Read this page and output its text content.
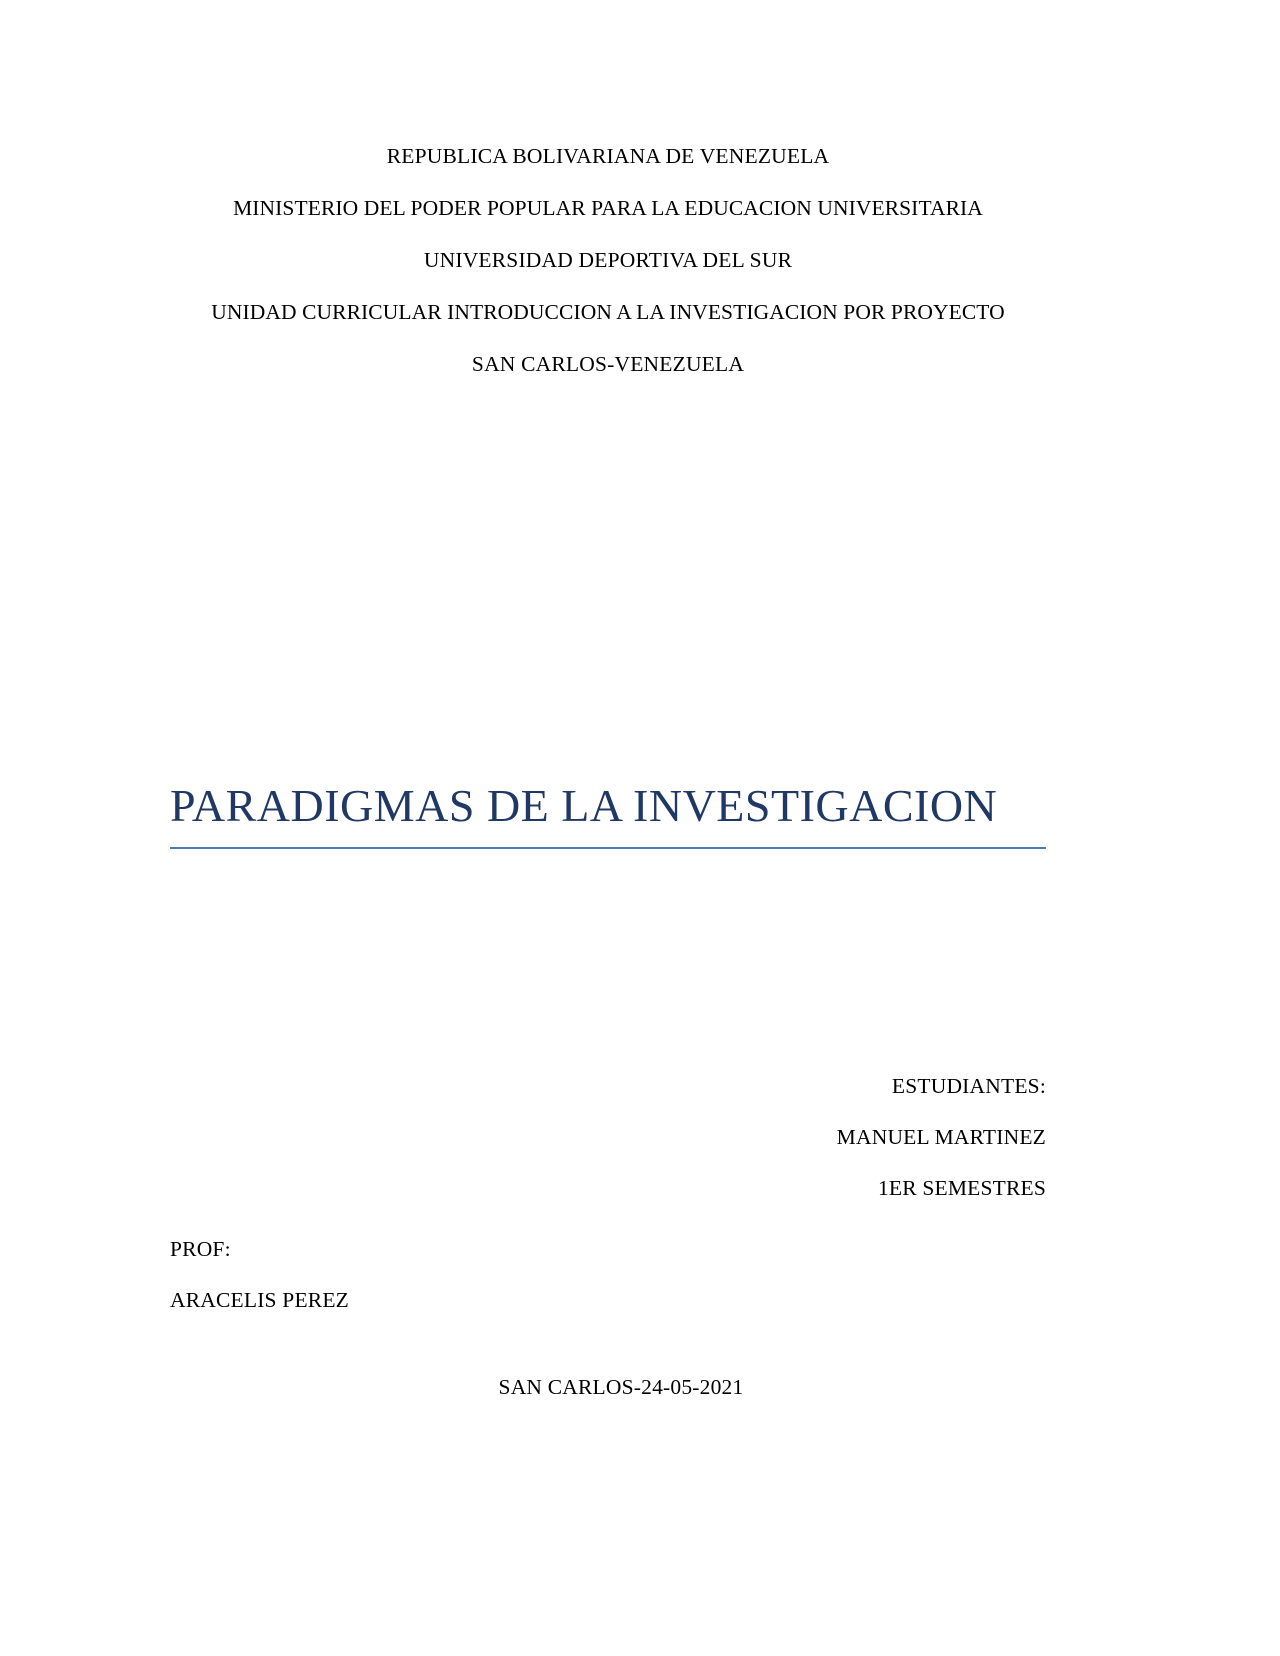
REPUBLICA BOLIVARIANA DE VENEZUELA
MINISTERIO DEL PODER POPULAR PARA LA EDUCACION UNIVERSITARIA
UNIVERSIDAD DEPORTIVA DEL SUR
UNIDAD CURRICULAR INTRODUCCION A LA INVESTIGACION POR PROYECTO
SAN CARLOS-VENEZUELA
PARADIGMAS DE LA INVESTIGACION
ESTUDIANTES:
MANUEL MARTINEZ
1ER SEMESTRES
PROF:
ARACELIS PEREZ
SAN CARLOS-24-05-2021
